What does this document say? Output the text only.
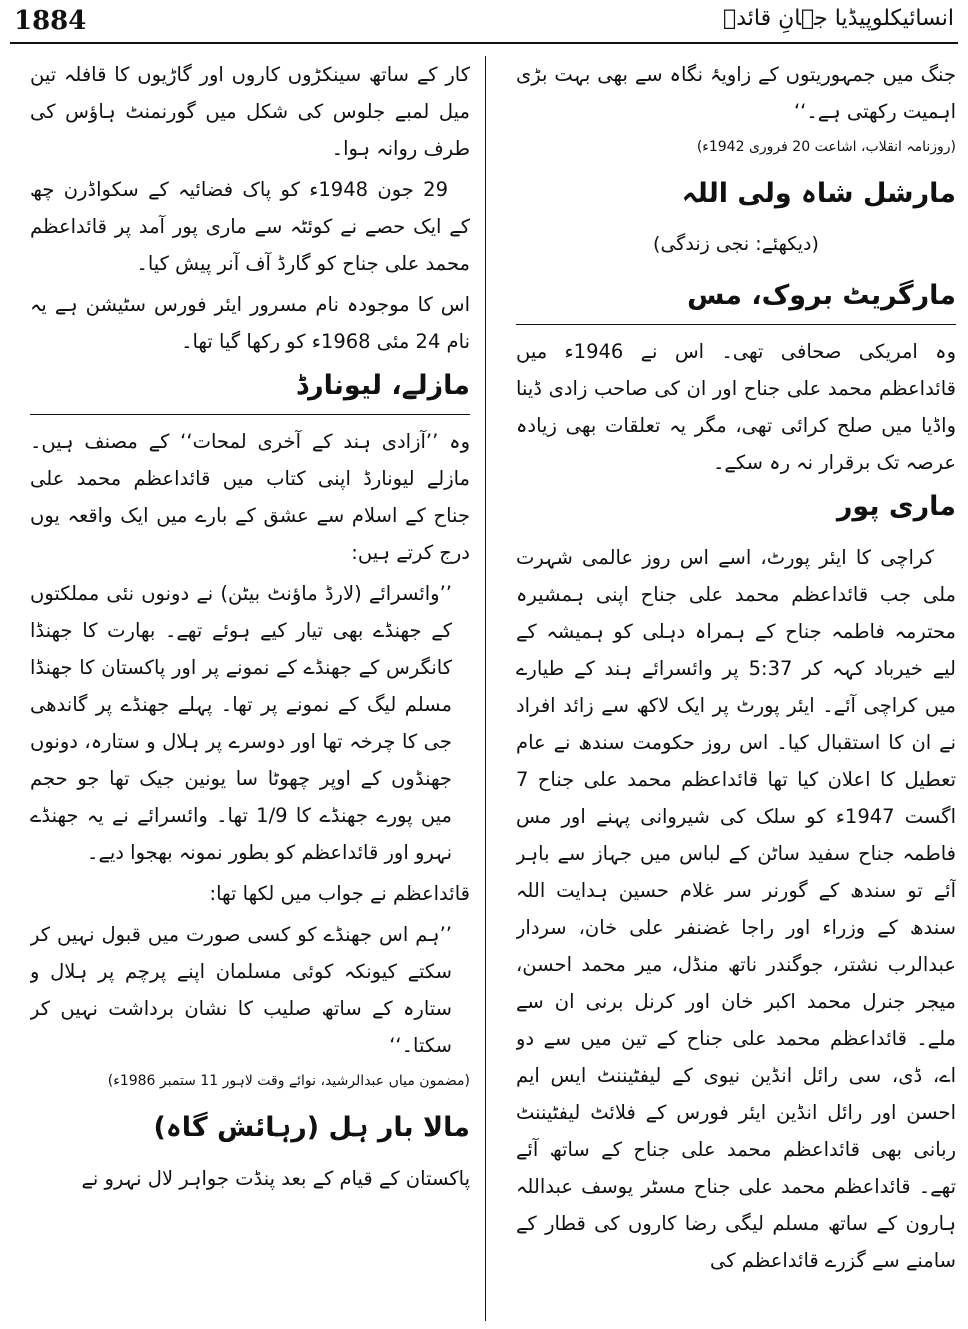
1884	انسائیکلوپیڈیا جہانِ قائدؒ

جنگ میں جمہوریتوں کے زاویۂ نگاہ سے بھی بہت بڑی اہمیت رکھتی ہے۔‘‘

(روزنامہ انقلاب، اشاعت 20 فروری 1942ء)

مارشل شاہ ولی اللہ

(دیکھئے: نجی زندگی)

مارگریٹ بروک، مس

وہ امریکی صحافی تھی۔ اس نے 1946ء میں قائداعظم محمد علی جناح اور ان کی صاحب زادی ڈینا واڈیا میں صلح کرائی تھی، مگر یہ تعلقات بھی زیادہ عرصہ تک برقرار نہ رہ سکے۔

ماری پور

کراچی کا ایئر پورٹ، اسے اس روز عالمی شہرت ملی جب قائداعظم محمد علی جناح اپنی ہمشیرہ محترمہ فاطمہ جناح کے ہمراہ دہلی کو ہمیشہ کے لیے خیرباد کہہ کر 5:37 پر وائسرائے ہند کے طیارے میں کراچی آئے۔ ایئر پورٹ پر ایک لاکھ سے زائد افراد نے ان کا استقبال کیا۔ اس روز حکومت سندھ نے عام تعطیل کا اعلان کیا تھا قائداعظم محمد علی جناح 7 اگست 1947ء کو سلک کی شیروانی پہنے اور مس فاطمہ جناح سفید ساٹن کے لباس میں جہاز سے باہر آئے تو سندھ کے گورنر سر غلام حسین ہدایت اللہ سندھ کے وزراء اور راجا غضنفر علی خان، سردار عبدالرب نشتر، جوگندر ناتھ منڈل، میر محمد احسن، میجر جنرل محمد اکبر خان اور کرنل برنی ان سے ملے۔ قائداعظم محمد علی جناح کے تین میں سے دو اے، ڈی، سی رائل انڈین نیوی کے لیفٹیننٹ ایس ایم احسن اور رائل انڈین ایئر فورس کے فلائٹ لیفٹیننٹ ربانی بھی قائداعظم محمد علی جناح کے ساتھ آئے تھے۔ قائداعظم محمد علی جناح مسٹر یوسف عبداللہ ہارون کے ساتھ مسلم لیگی رضا کاروں کی قطار کے سامنے سے گزرے قائداعظم کی

کار کے ساتھ سینکڑوں کاروں اور گاڑیوں کا قافلہ تین میل لمبے جلوس کی شکل میں گورنمنٹ ہاؤس کی طرف روانہ ہوا۔

29 جون 1948ء کو پاک فضائیہ کے سکواڈرن چھ کے ایک حصے نے کوئٹہ سے ماری پور آمد پر قائداعظم محمد علی جناح کو گارڈ آف آنر پیش کیا۔

اس کا موجودہ نام مسرور ایئر فورس سٹیشن ہے یہ نام 24 مئی 1968ء کو رکھا گیا تھا۔

مازلے، لیونارڈ

وہ ’’آزادی ہند کے آخری لمحات‘‘ کے مصنف ہیں۔ مازلے لیونارڈ اپنی کتاب میں قائداعظم محمد علی جناح کے اسلام سے عشق کے بارے میں ایک واقعہ یوں درج کرتے ہیں:

’’وائسرائے (لارڈ ماؤنٹ بیٹن) نے دونوں نئی مملکتوں کے جھنڈے بھی تیار کیے ہوئے تھے۔ بھارت کا جھنڈا کانگرس کے جھنڈے کے نمونے پر اور پاکستان کا جھنڈا مسلم لیگ کے نمونے پر تھا۔ پہلے جھنڈے پر گاندھی جی کا چرخہ تھا اور دوسرے پر ہلال و ستارہ، دونوں جھنڈوں کے اوپر چھوٹا سا یونین جیک تھا جو حجم میں پورے جھنڈے کا 1/9 تھا۔ وائسرائے نے یہ جھنڈے نہرو اور قائداعظم کو بطور نمونہ بھجوا دیے۔

قائداعظم نے جواب میں لکھا تھا:

’’ہم اس جھنڈے کو کسی صورت میں قبول نہیں کر سکتے کیونکہ کوئی مسلمان اپنے پرچم پر ہلال و ستارہ کے ساتھ صلیب کا نشان برداشت نہیں کر سکتا۔‘‘

(مضمون میاں عبدالرشید، نوائے وقت لاہور 11 ستمبر 1986ء)

مالا بار ہل (رہائش گاہ)

پاکستان کے قیام کے بعد پنڈت جواہر لال نہرو نے
